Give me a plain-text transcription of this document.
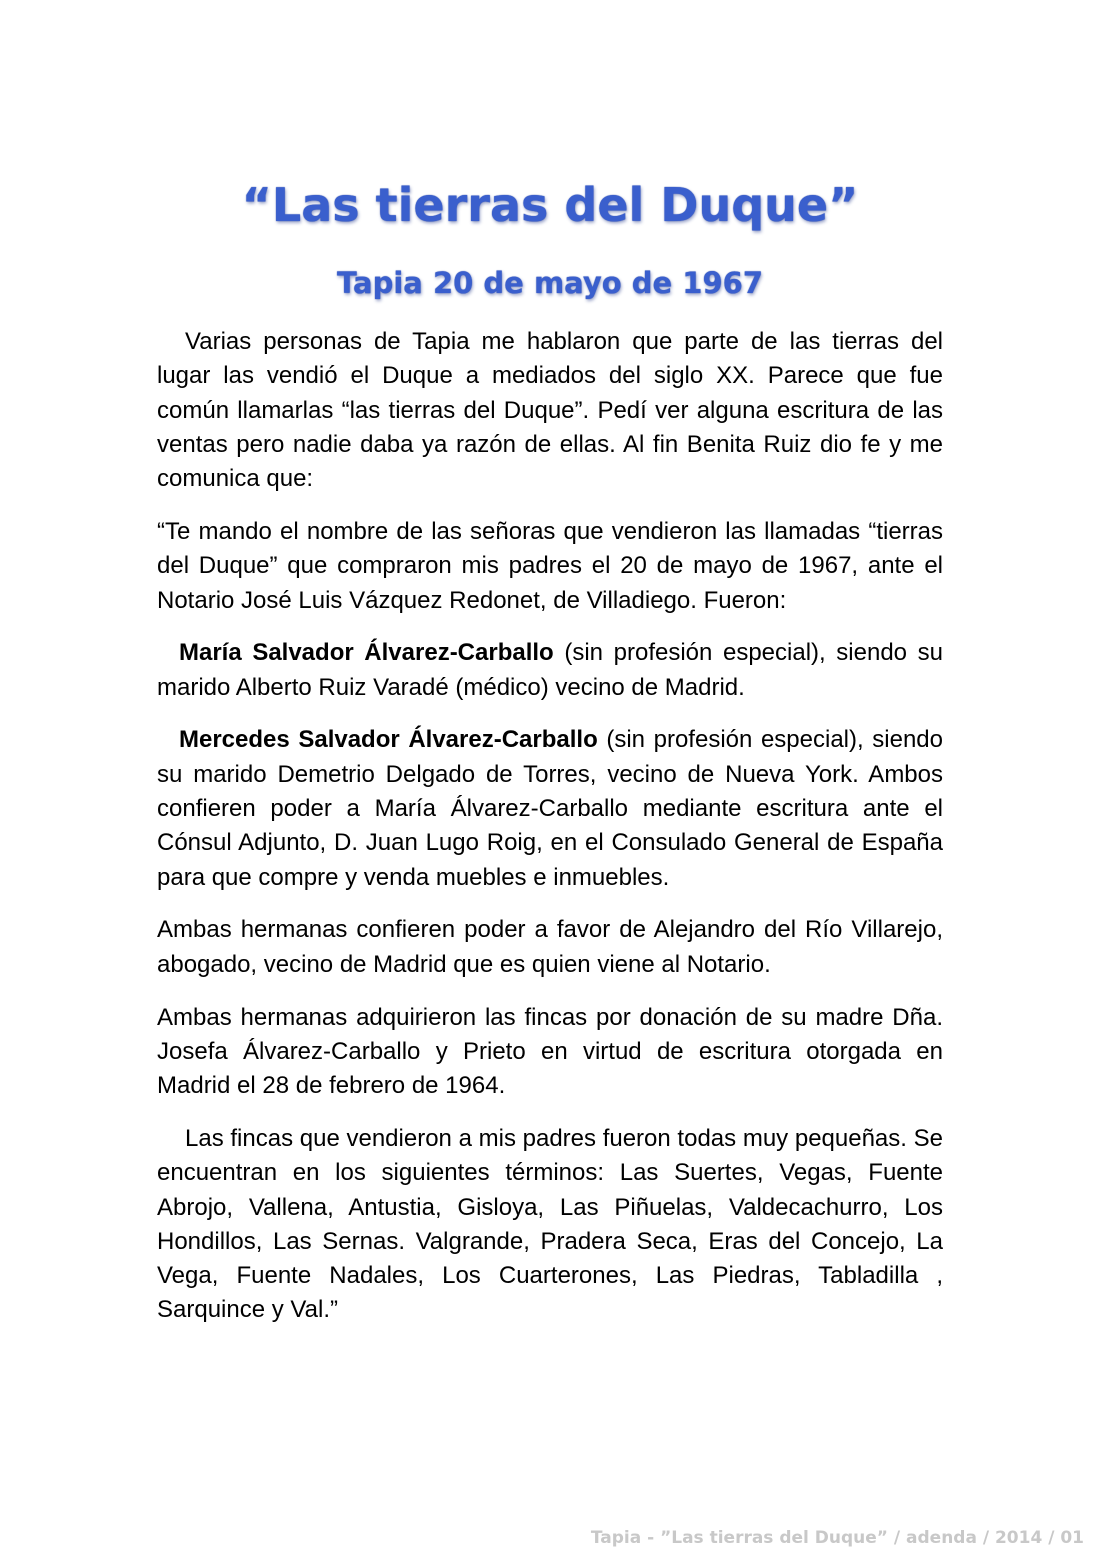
“Las tierras del Duque”
Tapia 20 de mayo de 1967

Varias personas de Tapia me hablaron que parte de las tierras del lugar las vendió el Duque a mediados del siglo XX. Parece que fue común llamarlas “las tierras del Duque”. Pedí ver alguna escritura de las ventas pero nadie daba ya razón de ellas. Al fin Benita Ruiz dio fe y me comunica que:

“Te mando el nombre de las señoras que vendieron las llamadas “tierras del Duque” que compraron mis padres el 20 de mayo de 1967, ante el Notario José Luis Vázquez Redonet, de Villadiego. Fueron:

María Salvador Álvarez-Carballo (sin profesión especial), siendo su marido Alberto Ruiz Varadé (médico) vecino de Madrid.

Mercedes Salvador Álvarez-Carballo (sin profesión especial), siendo su marido Demetrio Delgado de Torres, vecino de Nueva York. Ambos confieren poder a María Álvarez-Carballo mediante escritura ante el Cónsul Adjunto, D. Juan Lugo Roig, en el Consulado General de España para que compre y venda muebles e inmuebles.

Ambas hermanas confieren poder a favor de Alejandro del Río Villarejo, abogado, vecino de Madrid que es quien viene al Notario.

Ambas hermanas adquirieron las fincas por donación de su madre Dña. Josefa Álvarez-Carballo y Prieto en virtud de escritura otorgada en Madrid el 28 de febrero de 1964.

Las fincas que vendieron a mis padres fueron todas muy pequeñas. Se encuentran en los siguientes términos: Las Suertes, Vegas, Fuente Abrojo, Vallena, Antustia, Gisloya, Las Piñuelas, Valdecachurro, Los Hondillos, Las Sernas. Valgrande, Pradera Seca, Eras del Concejo, La Vega, Fuente Nadales, Los Cuarterones, Las Piedras, Tabladilla , Sarquince y Val.”

Tapia - ”Las tierras del Duque” / adenda / 2014 / 01
